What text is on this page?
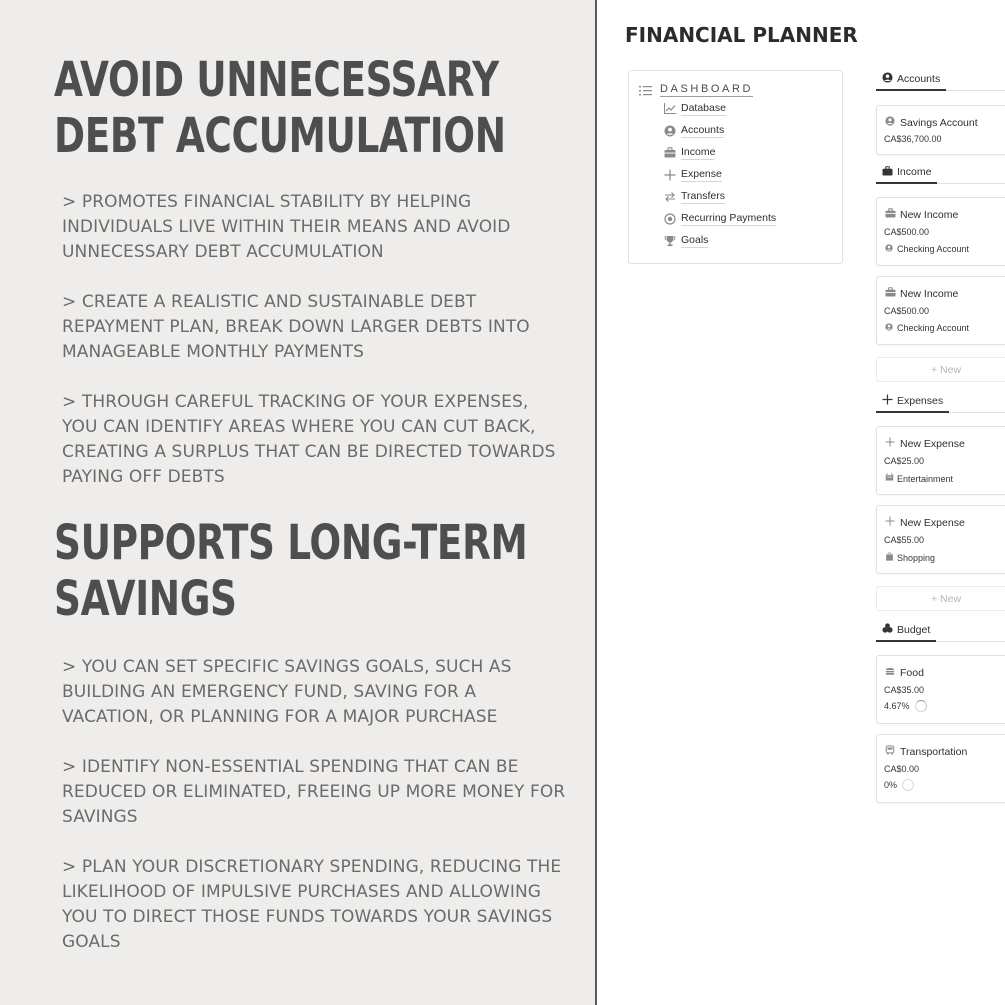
AVOID UNNECESSARY
DEBT ACCUMULATION

> PROMOTES FINANCIAL STABILITY BY HELPING INDIVIDUALS LIVE WITHIN THEIR MEANS AND AVOID UNNECESSARY DEBT ACCUMULATION

> CREATE A REALISTIC AND SUSTAINABLE DEBT REPAYMENT PLAN, BREAK DOWN LARGER DEBTS INTO MANAGEABLE MONTHLY PAYMENTS

> THROUGH CAREFUL TRACKING OF YOUR EXPENSES, YOU CAN IDENTIFY AREAS WHERE YOU CAN CUT BACK, CREATING A SURPLUS THAT CAN BE DIRECTED TOWARDS PAYING OFF DEBTS

SUPPORTS LONG-TERM
SAVINGS

> YOU CAN SET SPECIFIC SAVINGS GOALS, SUCH AS BUILDING AN EMERGENCY FUND, SAVING FOR A VACATION, OR PLANNING FOR A MAJOR PURCHASE

> IDENTIFY NON-ESSENTIAL SPENDING THAT CAN BE REDUCED OR ELIMINATED, FREEING UP MORE MONEY FOR SAVINGS

> PLAN YOUR DISCRETIONARY SPENDING, REDUCING THE LIKELIHOOD OF IMPULSIVE PURCHASES AND ALLOWING YOU TO DIRECT THOSE FUNDS TOWARDS YOUR SAVINGS GOALS

FINANCIAL PLANNER
DASHBOARD
Database
Accounts
Income
Expense
Transfers
Recurring Payments
Goals
Accounts
Savings Account
CA$36,700.00
Income
New Income
CA$500.00
Checking Account
New Income
CA$500.00
Checking Account
+ New
Expenses
New Expense
CA$25.00
Entertainment
New Expense
CA$55.00
Shopping
+ New
Budget
Food
CA$35.00
4.67%
Transportation
CA$0.00
0%
